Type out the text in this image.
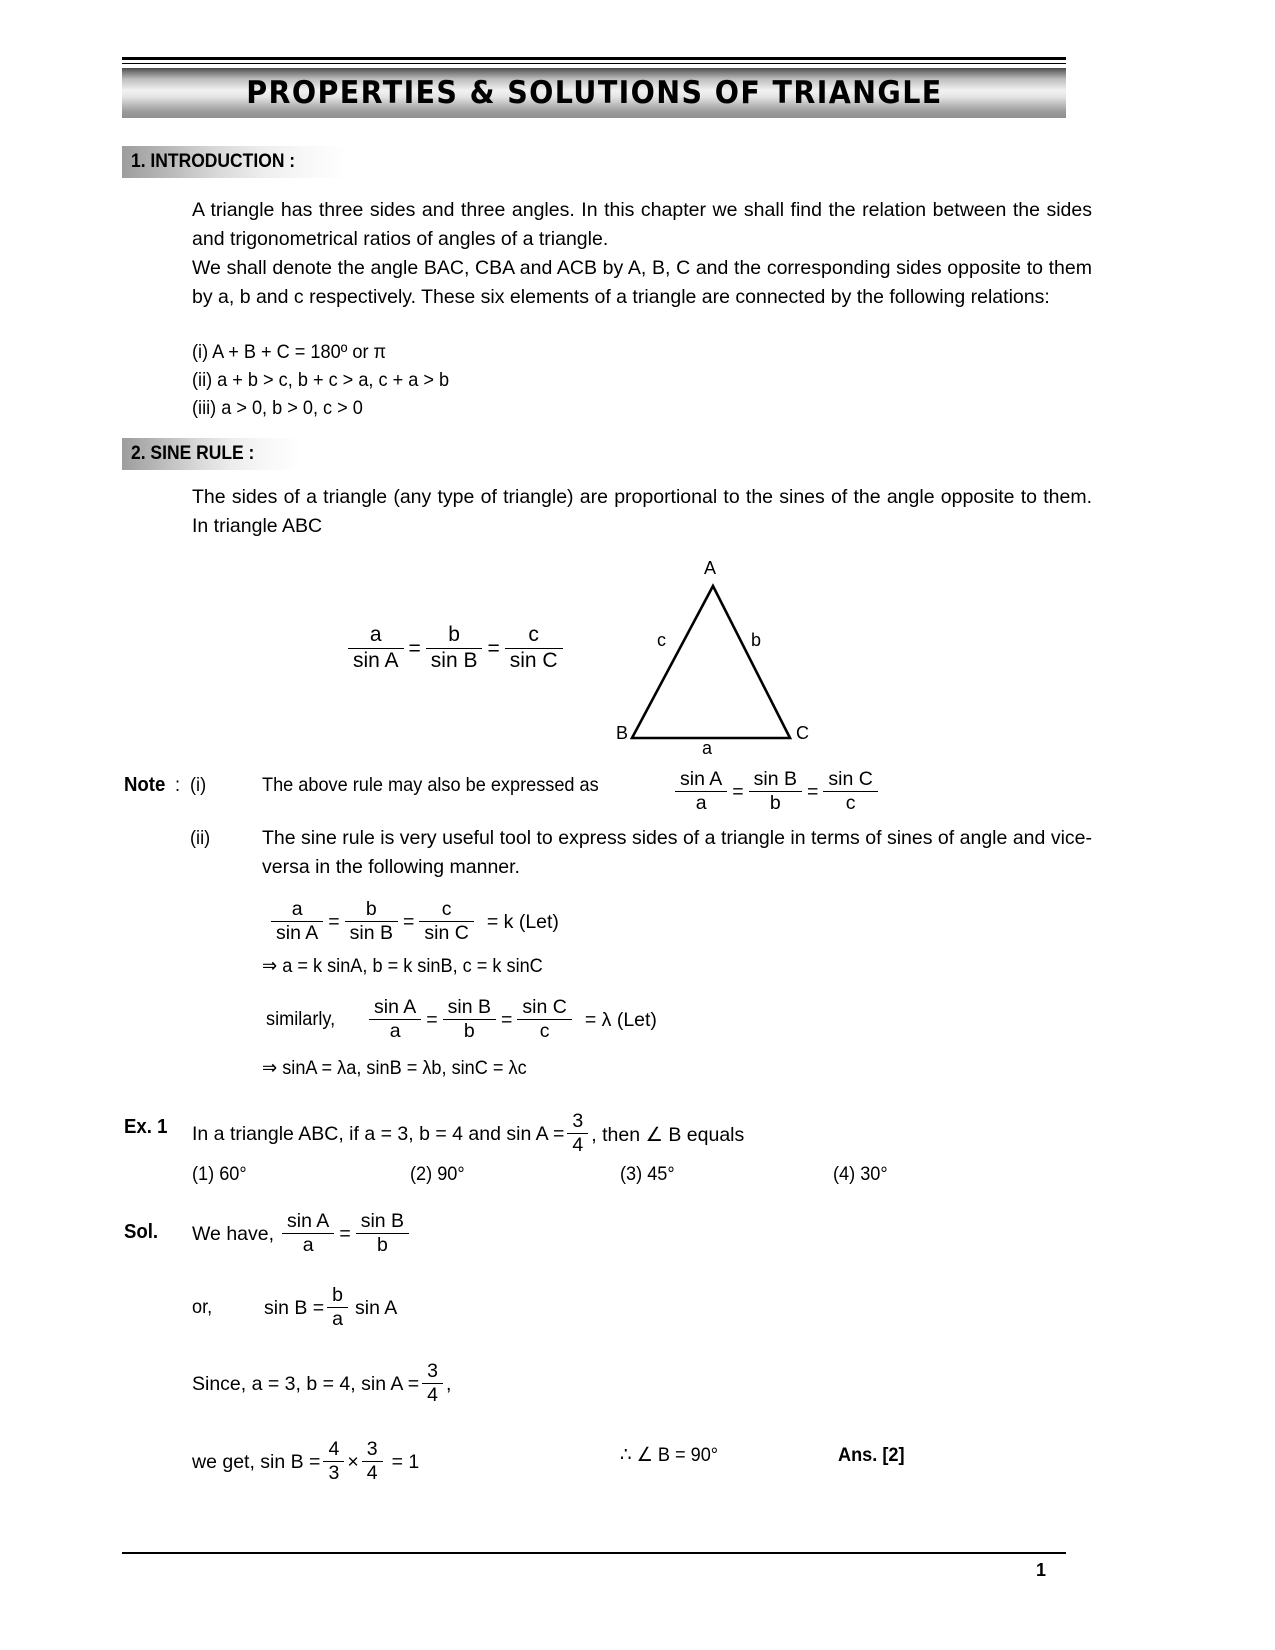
PROPERTIES & SOLUTIONS OF TRIANGLE
1. INTRODUCTION :

A triangle has three sides and three angles. In this chapter we shall find the relation between the sides and trigonometrical ratios of angles of a triangle.

We shall denote the angle BAC, CBA and ACB by A, B, C and the corresponding sides opposite to them by a, b and c respectively. These six elements of a triangle are connected by the following relations:

(i) A + B + C = 180º or π
(ii) a + b > c, b + c > a, c + a > b
(iii) a > 0, b > 0, c > 0
2. SINE RULE :

The sides of a triangle (any type of triangle) are proportional to the sines of the angle opposite to them. In triangle ABC

$\frac{a}{\text{sin A}} = \frac{b}{\text{sin B}} = \frac{c}{\text{sin C}}$
A
B	C
a
b
c
Note : (i)	The above rule may also be expressed as	$\frac{\text{sin A}}{a} = \frac{\text{sin B}}{b} = \frac{\text{sin C}}{c}$
(ii)	The sine rule is very useful tool to express sides of a triangle in terms of sines of angle and vice-versa in the following manner.

$\frac{a}{\text{sin A}} = \frac{b}{\text{sin B}} = \frac{c}{\text{sin C}} = k$ (Let)
⇒ a = k sinA, b = k sinB, c = k sinC
similarly, $\frac{\text{sin A}}{a} = \frac{\text{sin B}}{b} = \frac{\text{sin C}}{c} = \lambda$ (Let)
⇒ sinA = λa, sinB = λb, sinC = λc
Ex. 1 In a triangle ABC, if a = 3, b = 4 and $\sin A = \frac{3}{4}$ , then ∠ B equals
(1) 60°	(2) 90°	(3) 45°	(4) 30°
Sol. We have, $\frac{\text{sin A}}{a} = \frac{\text{sin B}}{b}$
or,	$\sin B = \frac{b}{a}$ sin A
Since, a = 3, b = 4, $\sin A = \frac{3}{4}$ ,
we get, $\sin B = \frac{4}{3} \times \frac{3}{4} = 1$	∴ ∠ B = 90°	Ans. [2]
1
